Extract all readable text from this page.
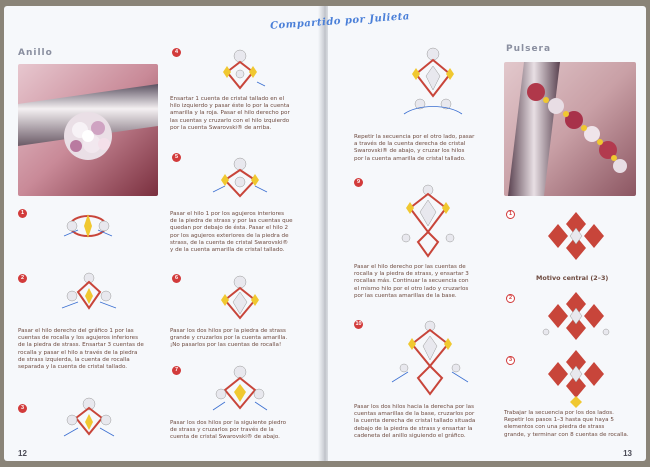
Anillo
1
2
Pasar el hilo derecho del gráfico 1 por las
cuentas de rocalla y los agujeros inferiores
de la piedra de strass. Ensartar 3 cuentas de
rocalla y pasar el hilo a través de la piedra
de strass izquierda, la cuenta de rocalla
separada y la cuenta de cristal tallado.
3
4
Ensartar 1 cuenta de cristal tallado en el
hilo izquierdo y pasar éste lo por la cuenta
amarilla y la roja. Pasar el hilo derecho por
las cuentas y cruzarlo con el hilo izquierdo
por la cuenta Swarovski® de arriba.
5
Pasar el hilo 1 por los agujeros interiores
de la piedra de strass y por las cuentas que
quedan por debajo de ésta. Pasar el hilo 2
por los agujeros exteriores de la piedra de
strass, de la cuenta de cristal Swarovski®
y de la cuenta amarilla de cristal tallado.
6
Pasar los dos hilos por la piedra de strass
grande y cruzarlos por la cuenta amarilla.
¡No pasarlos por las cuentas de rocalla!
7
Pasar los dos hilos por la siguiente piedro
de strass y cruzarlos por través de la
cuenta de cristal Swarovski® de abajo.
12
Repetir la secuencia por el otro lado, pasar
a través de la cuenta derecha de cristal
Swarovski® de abajo, y cruzar los hilos
por la cuenta amarilla de cristal tallado.
9
Pasar el hilo derecho por las cuentas de
rocalla y la piedra de strass, y ensartar 3
rocallas más. Continuar la secuencia con
el mismo hilo por el otro lado y cruzarlos
por las cuentas amarillas de la base.
10
Pasar los dos hilos hacia la derecha por las
cuentas amarillas de la base, cruzarlos por
la cuenta derecha de cristal tallado situada
debajo de la piedra de strass y ensartar la
cadeneta del anillo siguiendo el gráfico.
Pulsera
1
Motivo central (2–3)
2
3
Trabajar la secuencia por los dos lados.
Repetir los pasos 1–3 hasta que haya 5
elementos con una piedra de strass
grande, y terminar con 8 cuentas de rocalla.
13
Compartido por Julieta
